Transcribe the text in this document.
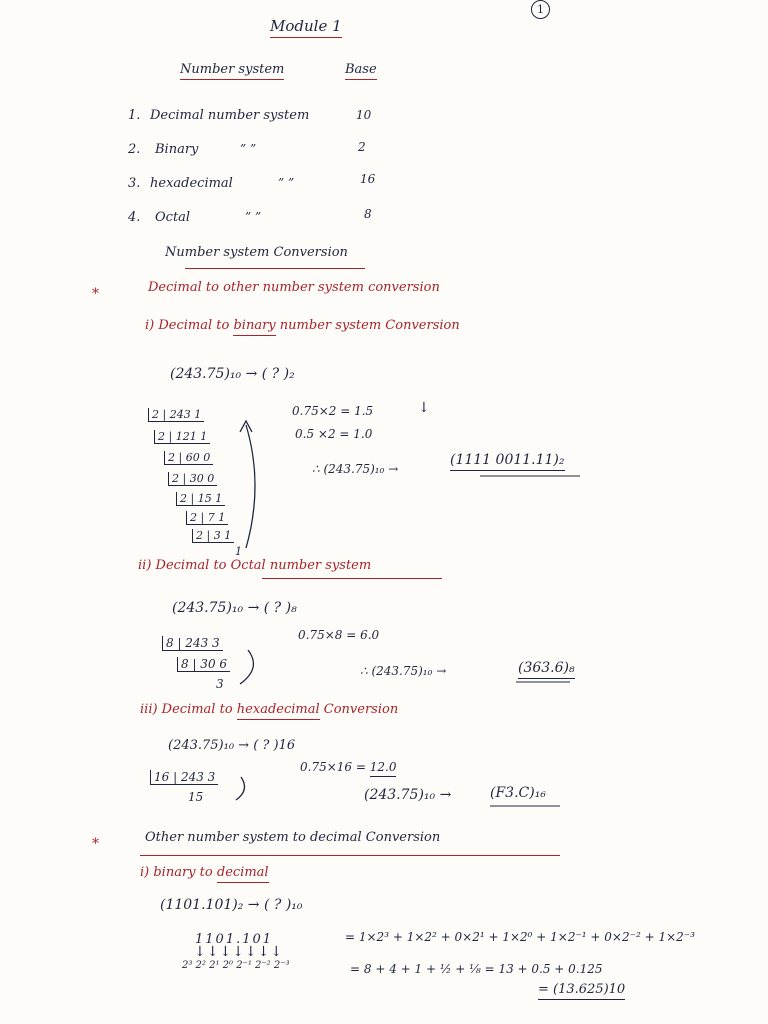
1
Module 1
Number system	Base
1. Decimal number system	10
2. Binary	” ”	2
3. hexadecimal	” ”	16
4. Octal	” ”	8
Number system Conversion
*	Decimal to other number system conversion
i) Decimal to binary number system Conversion
(243.75)₁₀ → ( ? )₂
2 | 243 1
2 | 121 1
2 | 60 0
2 | 30 0
2 | 15 1
2 | 7 1
2 | 3 1
1
0.75×2 = 1.5
0.5 ×2 = 1.0
↓
∴ (243.75)₁₀ →
(1111 0011.11)₂
ii) Decimal to Octal number system
(243.75)₁₀ → ( ? )₈
8 | 243 3
8 | 30 6
3
0.75×8 = 6.0
∴ (243.75)₁₀ →	(363.6)₈
iii) Decimal to hexadecimal Conversion
(243.75)₁₀ → ( ? )16
16 | 243 3
15
0.75×16 = 12.0
(243.75)₁₀ →	(F3.C)₁₆
*	Other number system to decimal Conversion
i) binary to decimal
(1101.101)₂ → ( ? )₁₀
1101.101
↓↓↓↓↓↓↓
2³ 2² 2¹ 2⁰ 2⁻¹ 2⁻² 2⁻³
= 1×2³ + 1×2² + 0×2¹ + 1×2⁰ + 1×2⁻¹ + 0×2⁻² + 1×2⁻³
= 8 + 4 + 1 + ½ + ⅛ = 13 + 0.5 + 0.125
= (13.625)10
